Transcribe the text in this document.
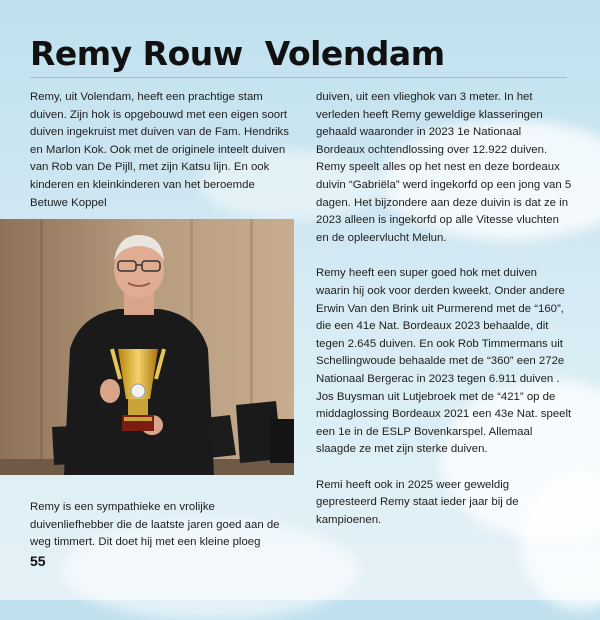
Remy Rouw  Volendam

Remy, uit Volendam, heeft een prachtige stam duiven. Zijn hok is opgebouwd met een eigen soort duiven ingekruist met duiven van de Fam. Hendriks en Marlon Kok. Ook met de originele inteelt duiven van Rob van De Pijll, met zijn Katsu lijn. En ook kinderen en kleinkinderen van het beroemde Betuwe Koppel

Remy is een sympathieke en vrolijke duivenliefhebber die de laatste jaren goed aan de weg timmert. Dit doet hij met een kleine ploeg

duiven, uit een vlieghok van 3 meter. In het verleden heeft Remy geweldige klasseringen gehaald waaronder in 2023 1e Nationaal Bordeaux ochtendlossing over 12.922 duiven. Remy speelt alles op het nest en deze bordeaux duivin “Gabriëla” werd ingekorfd op een jong van 5 dagen. Het bijzondere aan deze duivin is dat ze in 2023 alleen is ingekorfd op alle Vitesse vluchten en de opleervlucht Melun.

Remy heeft een super goed hok met duiven waarin hij ook voor derden kweekt. Onder andere Erwin Van den Brink uit Purmerend met de “160”, die een 41e Nat. Bordeaux 2023 behaalde, dit tegen 2.645 duiven. En ook Rob Timmermans uit Schellingwoude behaalde met de “360” een 272e Nationaal Bergerac in 2023 tegen 6.911 duiven . Jos Buysman uit Lutjebroek met de “421” op de middaglossing Bordeaux 2021 een 43e Nat. speelt een 1e in de ESLP Bovenkarspel. Allemaal slaagde ze met zijn sterke duiven.

Remi heeft ook in 2025 weer geweldig gepresteerd Remy staat ieder jaar bij de kampioenen.

55
